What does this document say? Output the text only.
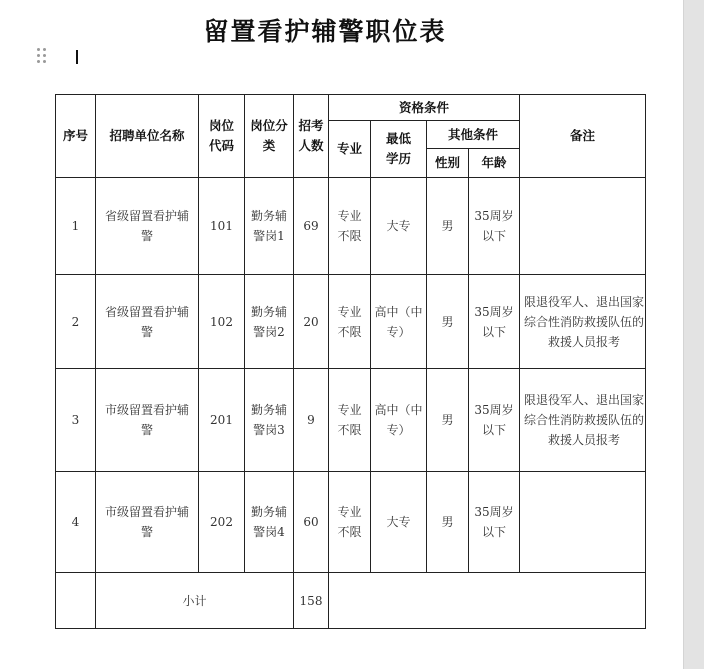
留置看护辅警职位表
序号	招聘单位名称	岗位代码	岗位分类	招考人数	资格条件				备注
					专业	最低学历	其他条件		
							性别	年龄	
1	省级留置看护辅警	101	勤务辅警岗1	69	专业不限	大专	男	35周岁以下	
2	省级留置看护辅警	102	勤务辅警岗2	20	专业不限	高中（中专）	男	35周岁以下	限退役军人、退出国家综合性消防救援队伍的救援人员报考
3	市级留置看护辅警	201	勤务辅警岗3	9	专业不限	高中（中专）	男	35周岁以下	限退役军人、退出国家综合性消防救援队伍的救援人员报考
4	市级留置看护辅警	202	勤务辅警岗4	60	专业不限	大专	男	35周岁以下	
	小计			158					
